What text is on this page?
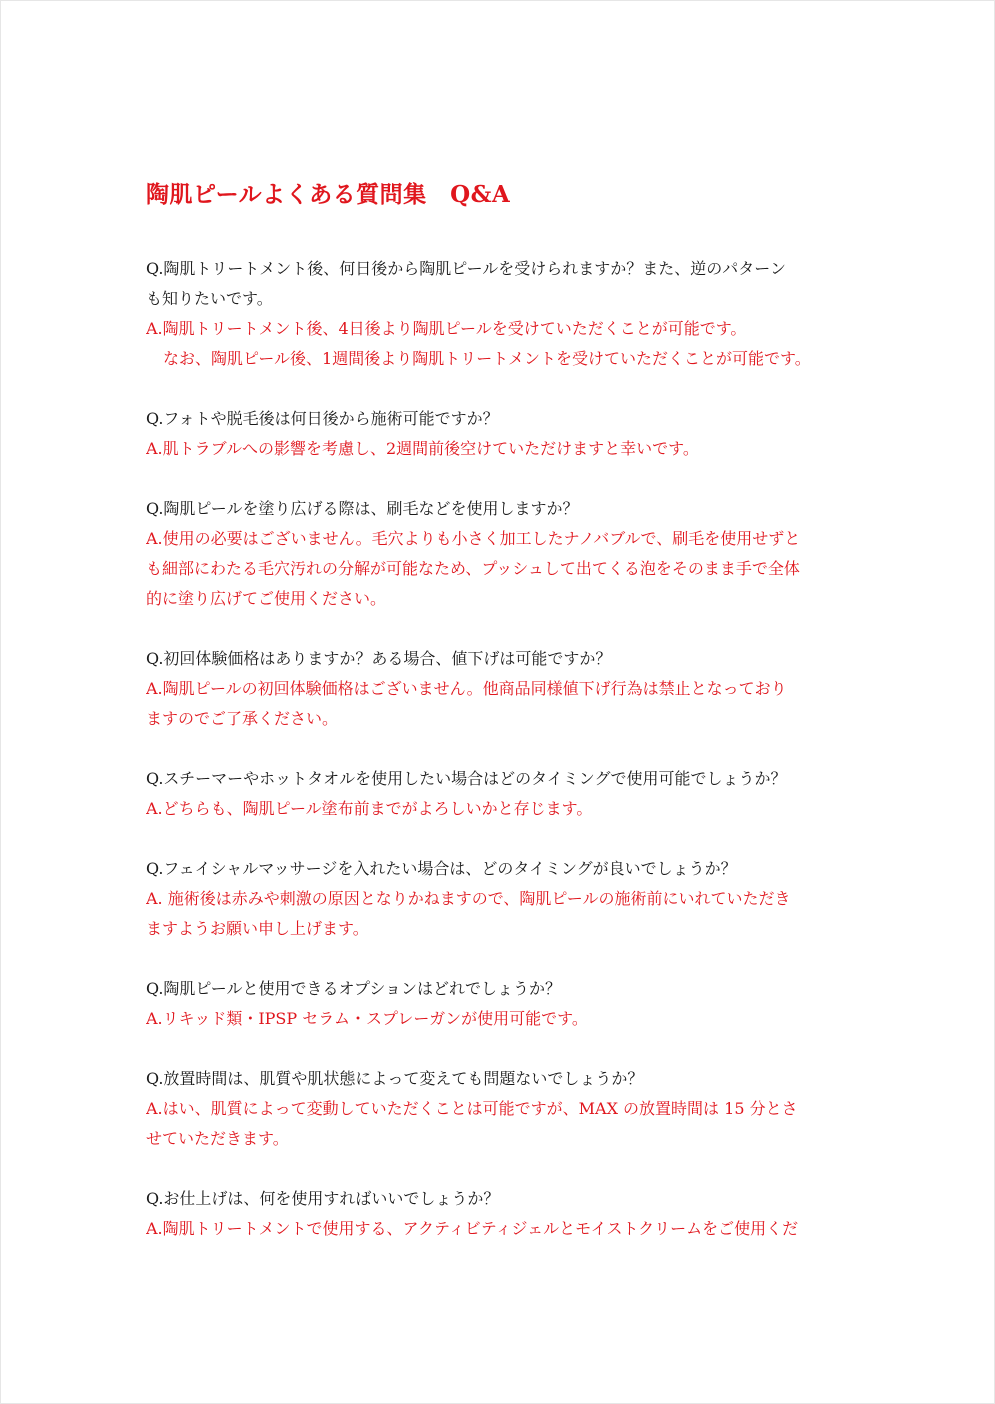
陶肌ピールよくある質問集　Q&A
Q.陶肌トリートメント後、何日後から陶肌ピールを受けられますか？また、逆のパターン
も知りたいです。
A.陶肌トリートメント後、4日後より陶肌ピールを受けていただくことが可能です。
なお、陶肌ピール後、1週間後より陶肌トリートメントを受けていただくことが可能です。
Q.フォトや脱毛後は何日後から施術可能ですか？
A.肌トラブルへの影響を考慮し、2週間前後空けていただけますと幸いです。
Q.陶肌ピールを塗り広げる際は、刷毛などを使用しますか？
A.使用の必要はございません。毛穴よりも小さく加工したナノバブルで、刷毛を使用せずと
も細部にわたる毛穴汚れの分解が可能なため、プッシュして出てくる泡をそのまま手で全体
的に塗り広げてご使用ください。
Q.初回体験価格はありますか？ある場合、値下げは可能ですか？
A.陶肌ピールの初回体験価格はございません。他商品同様値下げ行為は禁止となっており
ますのでご了承ください。
Q.スチーマーやホットタオルを使用したい場合はどのタイミングで使用可能でしょうか？
A.どちらも、陶肌ピール塗布前までがよろしいかと存じます。
Q.フェイシャルマッサージを入れたい場合は、どのタイミングが良いでしょうか？
A. 施術後は赤みや刺激の原因となりかねますので、陶肌ピールの施術前にいれていただき
ますようお願い申し上げます。
Q.陶肌ピールと使用できるオプションはどれでしょうか？
A.リキッド類・IPSP セラム・スプレーガンが使用可能です。
Q.放置時間は、肌質や肌状態によって変えても問題ないでしょうか？
A.はい、肌質によって変動していただくことは可能ですが、MAX の放置時間は 15 分とさ
せていただきます。
Q.お仕上げは、何を使用すればいいでしょうか？
A.陶肌トリートメントで使用する、アクティビティジェルとモイストクリームをご使用くだ
